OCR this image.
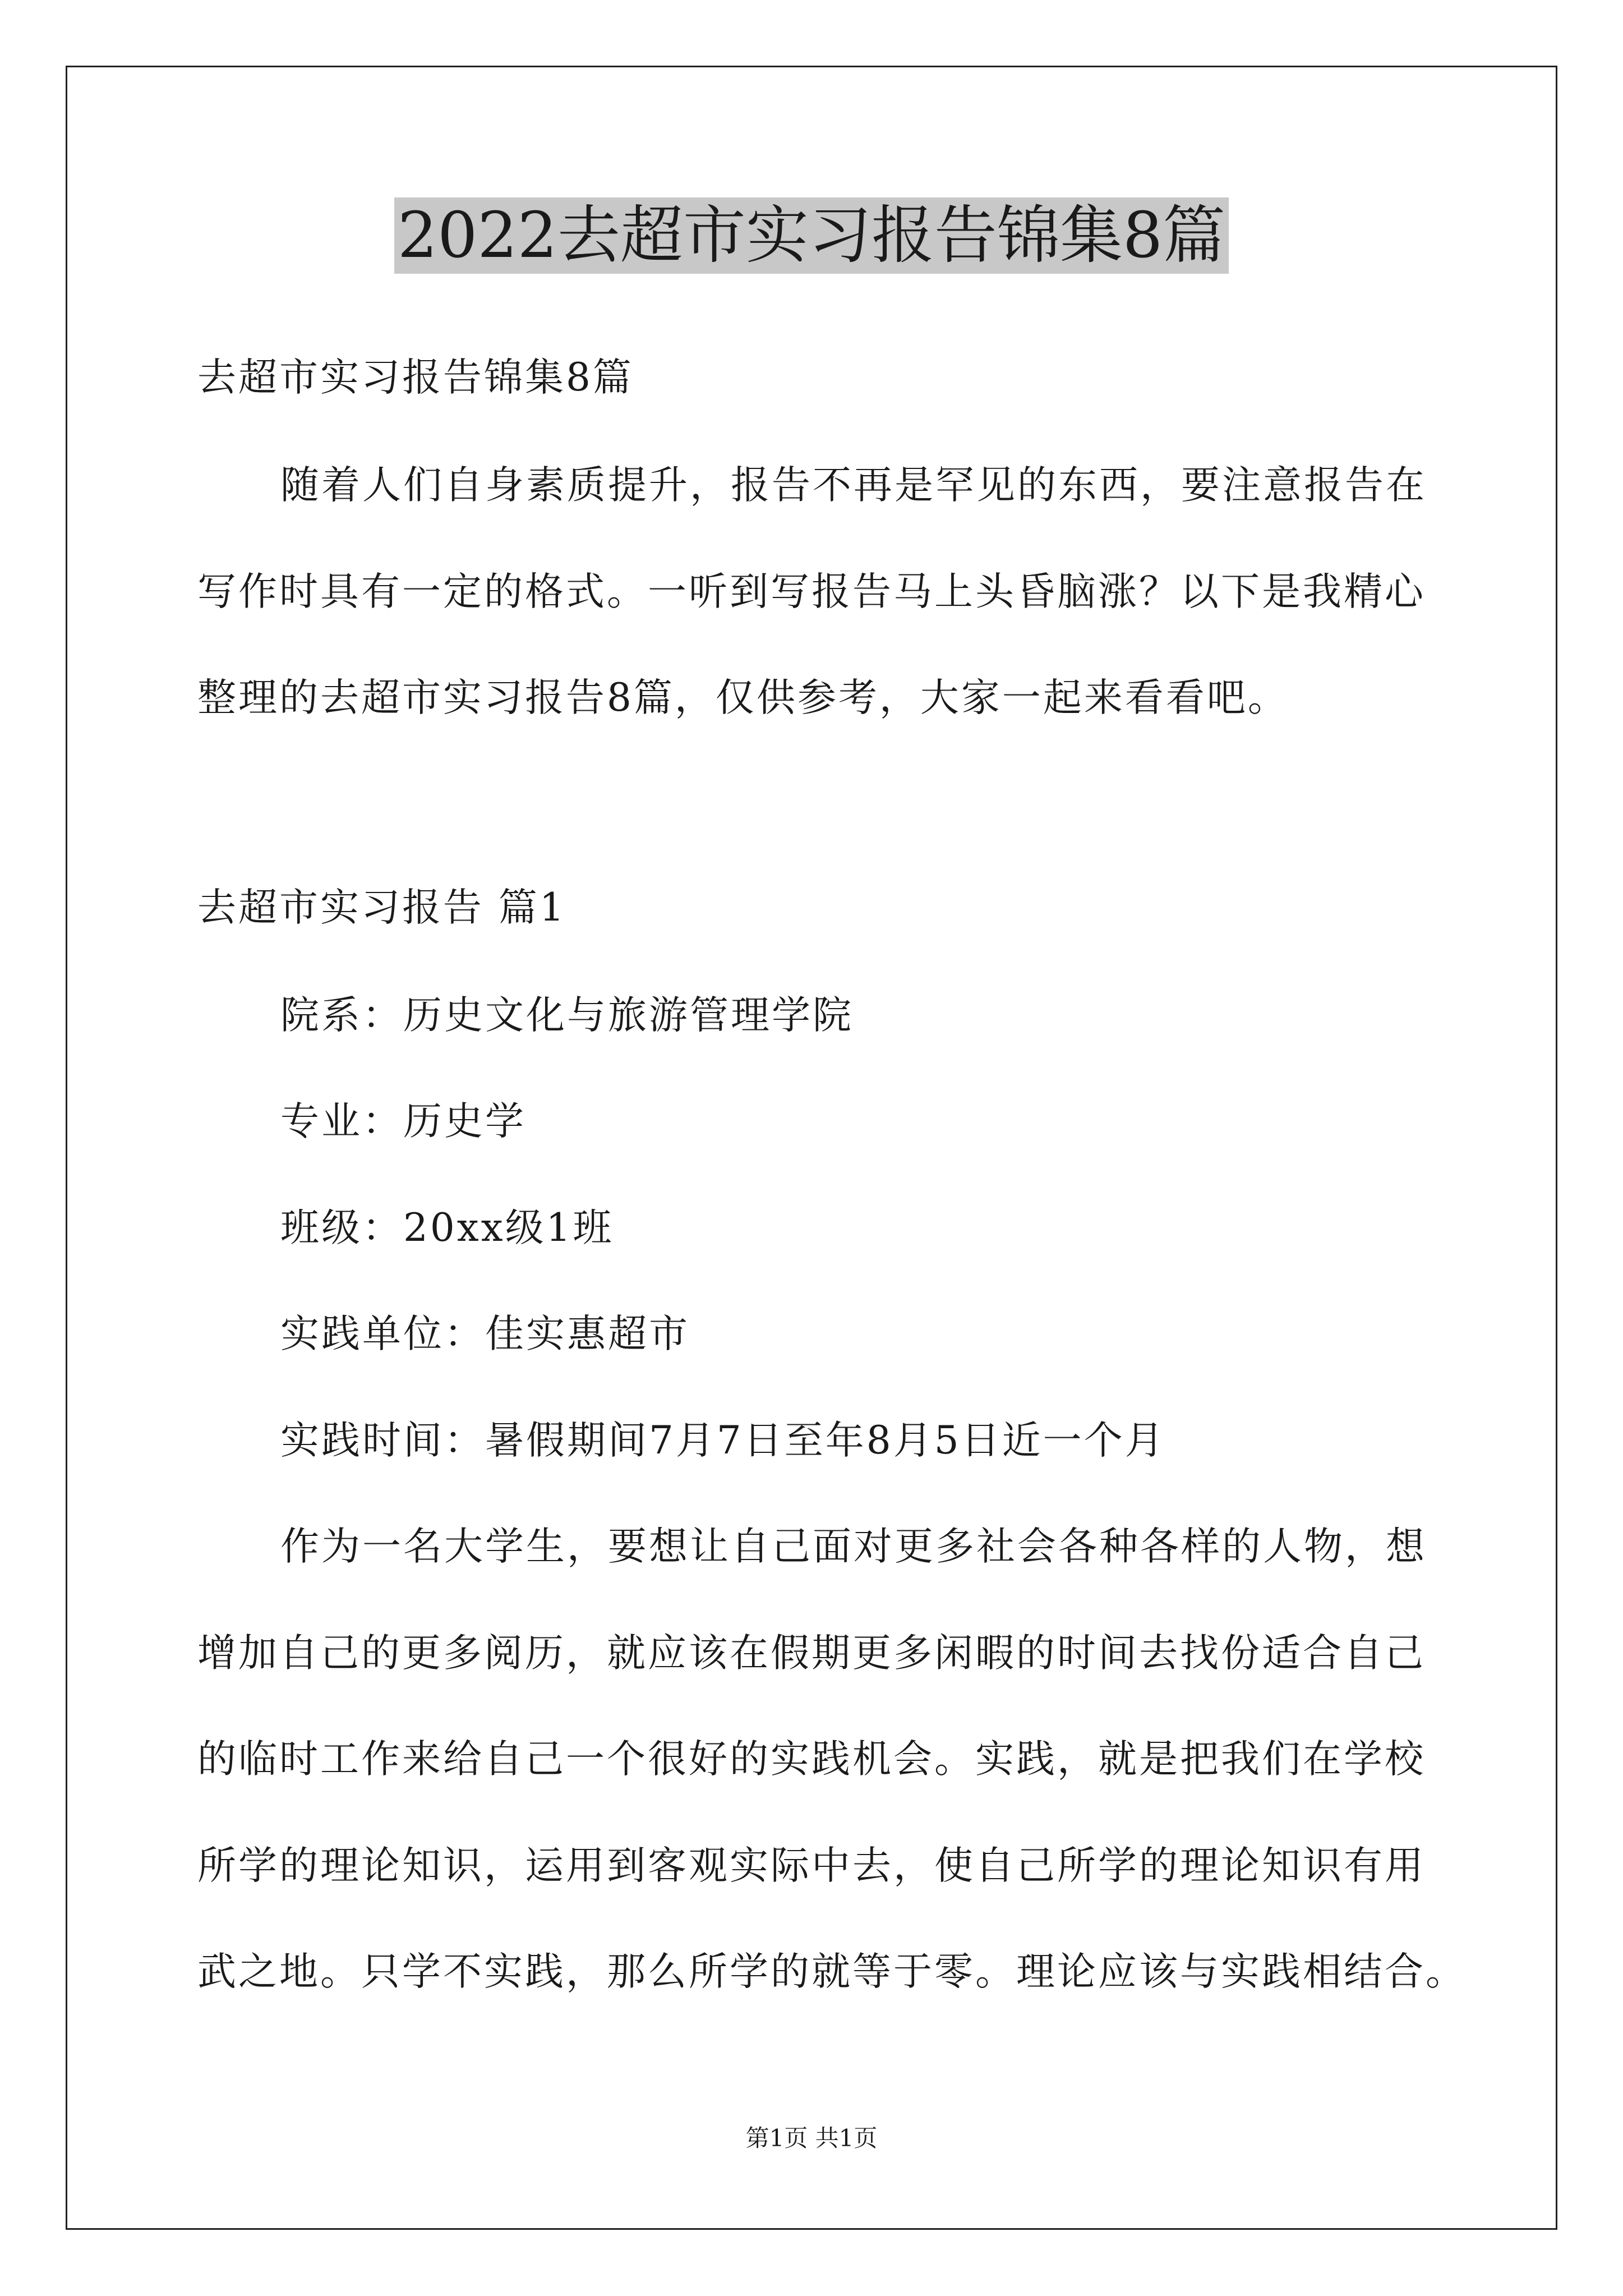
2022去超市实习报告锦集8篇
去超市实习报告锦集8篇
随着人们自身素质提升，报告不再是罕见的东西，要注意报告在
写作时具有一定的格式。一听到写报告马上头昏脑涨？以下是我精心
整理的去超市实习报告8篇，仅供参考，大家一起来看看吧。
去超市实习报告 篇1
院系：历史文化与旅游管理学院
专业：历史学
班级：20xx级1班
实践单位：佳实惠超市
实践时间：暑假期间7月7日至年8月5日近一个月
作为一名大学生，要想让自己面对更多社会各种各样的人物，想
增加自己的更多阅历，就应该在假期更多闲暇的时间去找份适合自己
的临时工作来给自己一个很好的实践机会。实践，就是把我们在学校
所学的理论知识，运用到客观实际中去，使自己所学的理论知识有用
武之地。只学不实践，那么所学的就等于零。理论应该与实践相结合。
第1页 共1页
